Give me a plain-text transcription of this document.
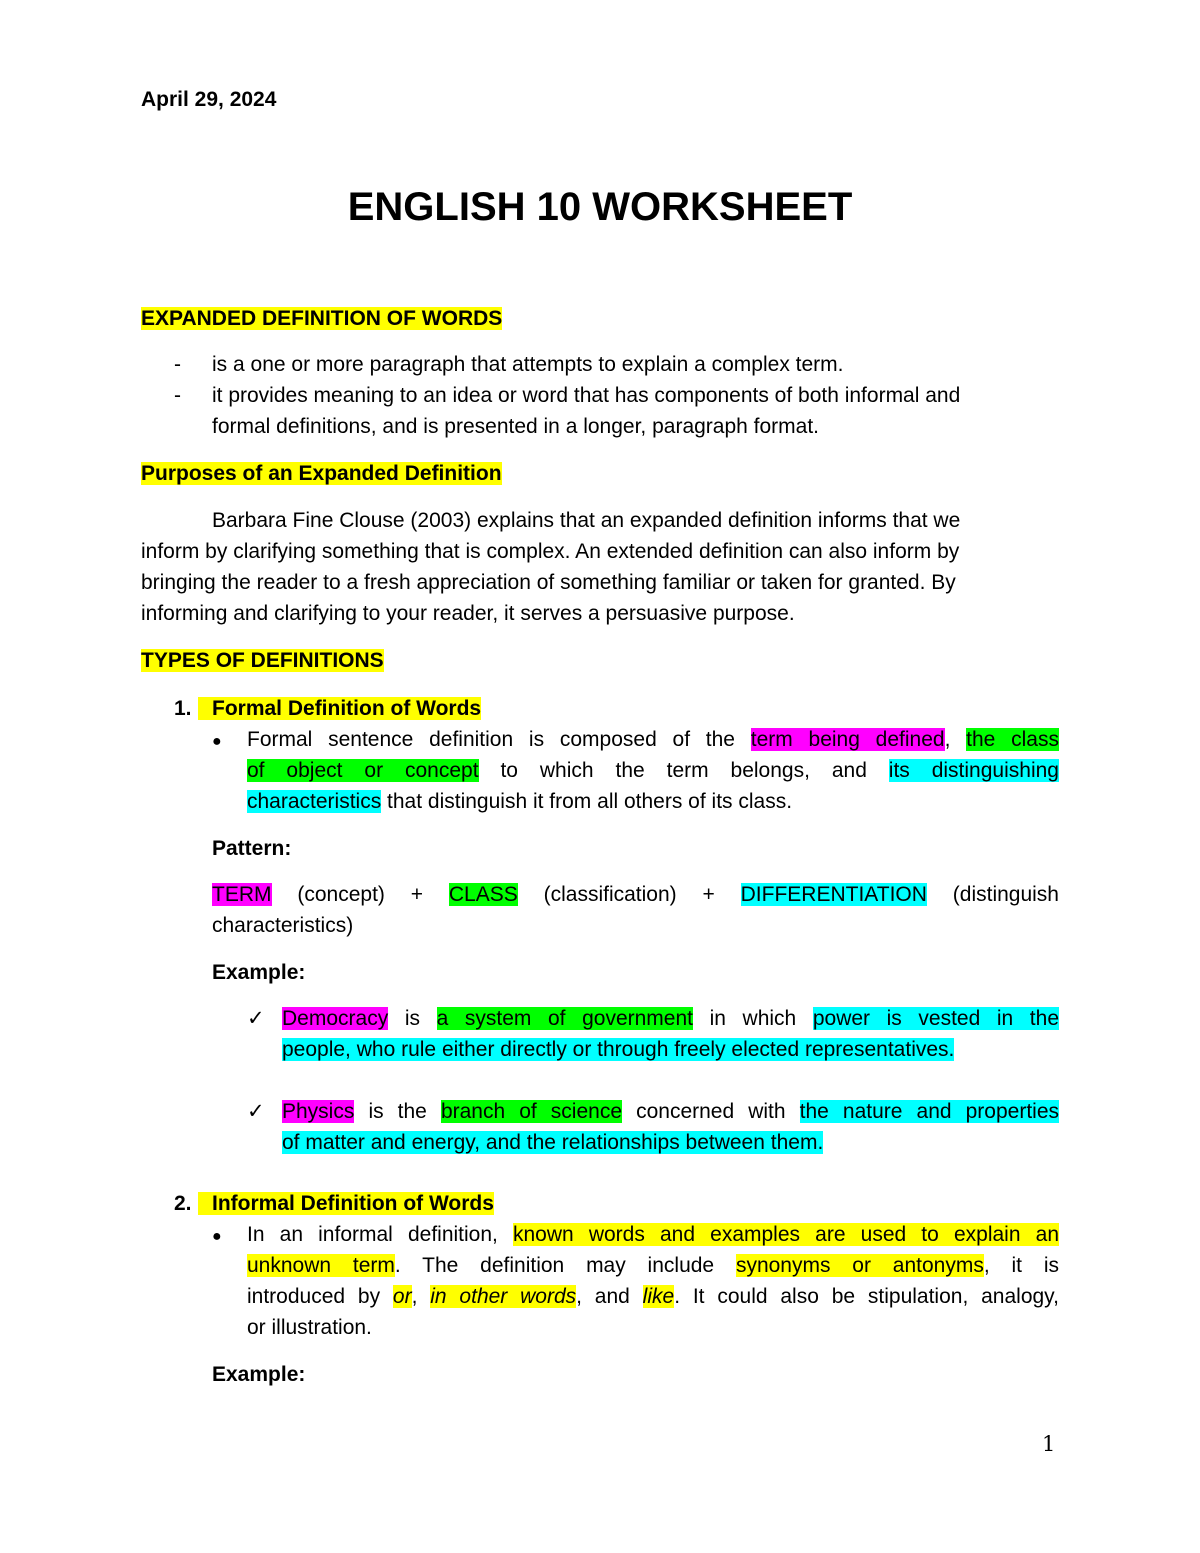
April 29, 2024
ENGLISH 10 WORKSHEET
EXPANDED DEFINITION OF WORDS
- is a one or more paragraph that attempts to explain a complex term.
- it provides meaning to an idea or word that has components of both informal and
formal definitions, and is presented in a longer, paragraph format.
Purposes of an Expanded Definition
Barbara Fine Clouse (2003) explains that an expanded definition informs that we
inform by clarifying something that is complex. An extended definition can also inform by
bringing the reader to a fresh appreciation of something familiar or taken for granted. By
informing and clarifying to your reader, it serves a persuasive purpose.
TYPES OF DEFINITIONS
1. Formal Definition of Words
● Formal sentence definition is composed of the term being defined, the class
of object or concept to which the term belongs, and its distinguishing
characteristics that distinguish it from all others of its class.
Pattern:
TERM (concept) + CLASS (classification) + DIFFERENTIATION (distinguish
characteristics)
Example:
✓ Democracy is a system of government in which power is vested in the
people, who rule either directly or through freely elected representatives.
✓ Physics is the branch of science concerned with the nature and properties
of matter and energy, and the relationships between them.
2. Informal Definition of Words
● In an informal definition, known words and examples are used to explain an
unknown term. The definition may include synonyms or antonyms, it is
introduced by or, in other words, and like. It could also be stipulation, analogy,
or illustration.
Example:
1
